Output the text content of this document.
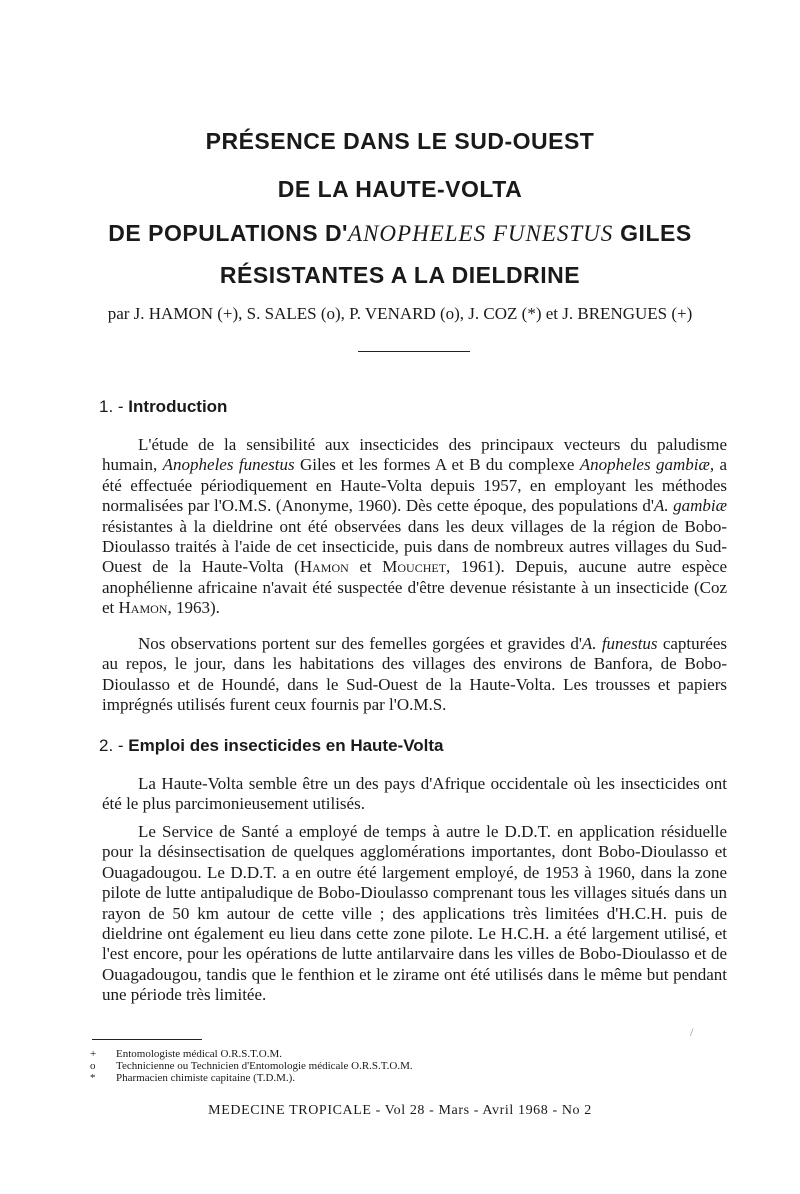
PRÉSENCE DANS LE SUD-OUEST
DE LA HAUTE-VOLTA
DE POPULATIONS D'ANOPHELES FUNESTUS GILES
RÉSISTANTES A LA DIELDRINE
par J. HAMON (+), S. SALES (o), P. VENARD (o), J. COZ (*) et J. BRENGUES (+)
1. - Introduction

L'étude de la sensibilité aux insecticides des principaux vecteurs du paludisme humain, Anopheles funestus Giles et les formes A et B du complexe Anopheles gambiæ, a été effectuée périodiquement en Haute-Volta depuis 1957, en employant les méthodes normalisées par l'O.M.S. (Anonyme, 1960). Dès cette époque, des populations d'A. gambiæ résistantes à la dieldrine ont été observées dans les deux villages de la région de Bobo-Dioulasso traités à l'aide de cet insecticide, puis dans de nombreux autres villages du Sud-Ouest de la Haute-Volta (Hamon et Mouchet, 1961). Depuis, aucune autre espèce anophélienne africaine n'avait été suspectée d'être devenue résistante à un insecticide (Coz et Hamon, 1963).

Nos observations portent sur des femelles gorgées et gravides d'A. funestus capturées au repos, le jour, dans les habitations des villages des environs de Banfora, de Bobo-Dioulasso et de Houndé, dans le Sud-Ouest de la Haute-Volta. Les trousses et papiers imprégnés utilisés furent ceux fournis par l'O.M.S.

2. - Emploi des insecticides en Haute-Volta

La Haute-Volta semble être un des pays d'Afrique occidentale où les insecticides ont été le plus parcimonieusement utilisés.

Le Service de Santé a employé de temps à autre le D.D.T. en application résiduelle pour la désinsectisation de quelques agglomérations importantes, dont Bobo-Dioulasso et Ouagadougou. Le D.D.T. a en outre été largement employé, de 1953 à 1960, dans la zone pilote de lutte antipaludique de Bobo-Dioulasso comprenant tous les villages situés dans un rayon de 50 km autour de cette ville ; des applications très limitées d'H.C.H. puis de dieldrine ont également eu lieu dans cette zone pilote. Le H.C.H. a été largement utilisé, et l'est encore, pour les opérations de lutte antilarvaire dans les villes de Bobo-Dioulasso et de Ouagadougou, tandis que le fenthion et le zirame ont été utilisés dans le même but pendant une période très limitée.

/
+ Entomologiste médical O.R.S.T.O.M.
o Technicienne ou Technicien d'Entomologie médicale O.R.S.T.O.M.
* Pharmacien chimiste capitaine (T.D.M.).
MEDECINE TROPICALE - Vol 28 - Mars - Avril 1968 - No 2
